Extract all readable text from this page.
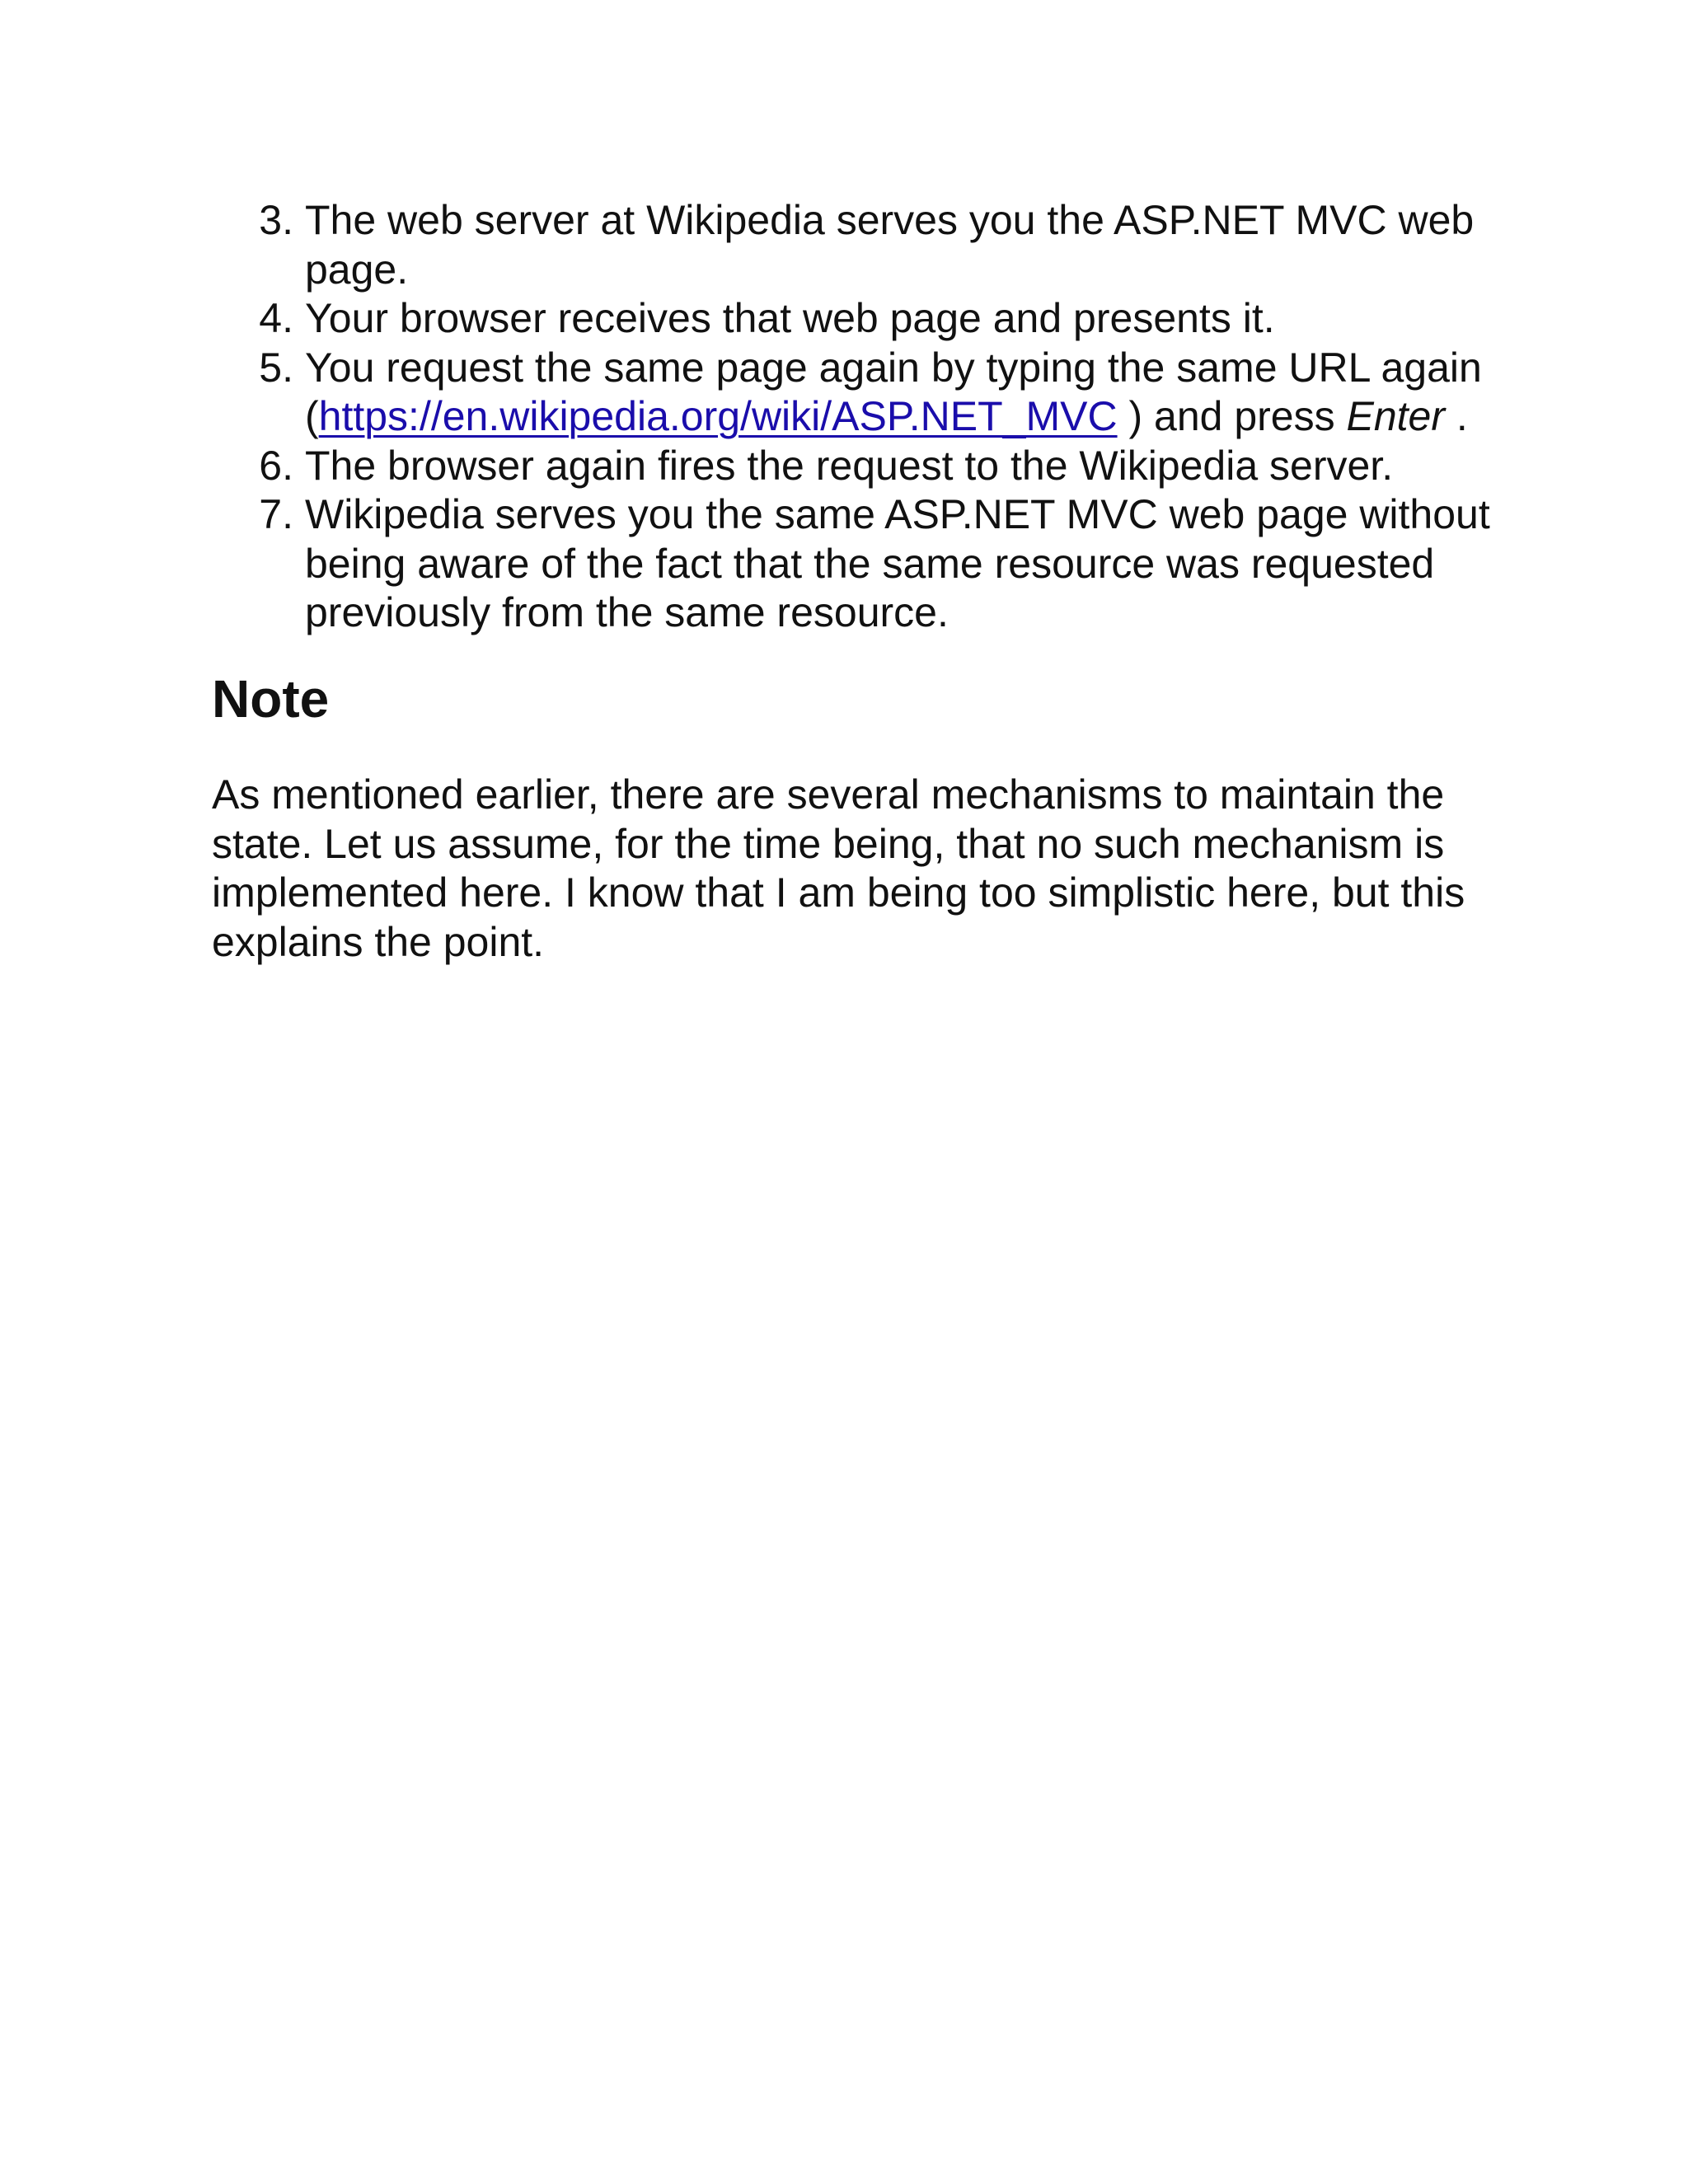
3. The web server at Wikipedia serves you the ASP.NET MVC web page.
4. Your browser receives that web page and presents it.
5. You request the same page again by typing the same URL again (https://en.wikipedia.org/wiki/ASP.NET_MVC ) and press Enter .
6. The browser again fires the request to the Wikipedia server.
7. Wikipedia serves you the same ASP.NET MVC web page without being aware of the fact that the same resource was requested previously from the same resource.
Note

As mentioned earlier, there are several mechanisms to maintain the state. Let us assume, for the time being, that no such mechanism is implemented here. I know that I am being too simplistic here, but this explains the point.
